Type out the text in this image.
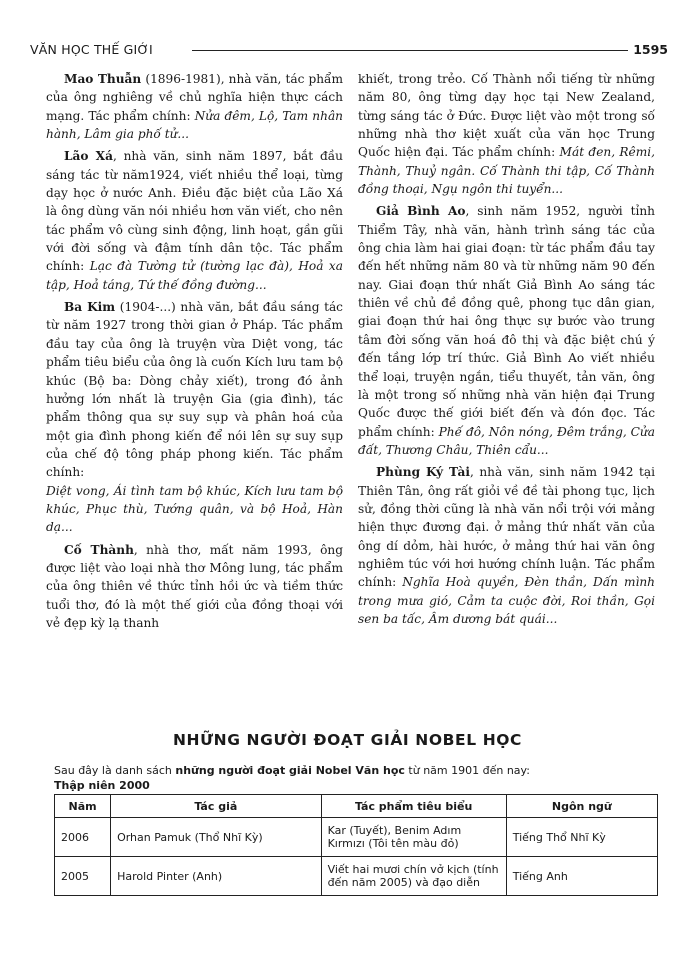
VĂN HỌC THẾ GIỚI	1595

Mao Thuẫn (1896-1981), nhà văn, tác phẩm của ông nghiêng về chủ nghĩa hiện thực cách mạng. Tác phẩm chính: Nửa đêm, Lộ, Tam nhân hành, Lâm gia phố tử...

Lão Xá, nhà văn, sinh năm 1897, bắt đầu sáng tác từ năm1924, viết nhiều thể loại, từng dạy học ở nước Anh. Điều đặc biệt của Lão Xá là ông dùng văn nói nhiều hơn văn viết, cho nên tác phẩm vô cùng sinh động, linh hoạt, gần gũi với đời sống và đậm tính dân tộc. Tác phẩm chính: Lạc đà Tường tử (tường lạc đà), Hoả xa tập, Hoả táng, Tứ thế đồng đường...

Ba Kim (1904-...) nhà văn, bắt đầu sáng tác từ năm 1927 trong thời gian ở Pháp. Tác phẩm đầu tay của ông là truyện vừa Diệt vong, tác phẩm tiêu biểu của ông là cuốn Kích lưu tam bộ khúc (Bộ ba: Dòng chảy xiết), trong đó ảnh hưởng lớn nhất là truyện Gia (gia đình), tác phẩm thông qua sự suy sụp và phân hoá của một gia đình phong kiến để nói lên sự suy sụp của chế độ tông pháp phong kiến. Tác phẩm chính:
Diệt vong, Ái tình tam bộ khúc, Kích lưu tam bộ khúc, Phục thù, Tướng quân, và bộ Hoả, Hàn dạ...

Cố Thành, nhà thơ, mất năm 1993, ông được liệt vào loại nhà thơ Mông lung, tác phẩm của ông thiên về thức tỉnh hồi ức và tiềm thức tuổi thơ, đó là một thế giới của đồng thoại với vẻ đẹp kỳ lạ thanh

khiết, trong trẻo. Cố Thành nổi tiếng từ những năm 80, ông từng dạy học tại New Zealand, từng sáng tác ở Đức. Được liệt vào một trong số những nhà thơ kiệt xuất của văn học Trung Quốc hiện đại. Tác phẩm chính: Mát đen, Rêmi, Thành, Thuỷ ngân. Cố Thành thi tập, Cố Thành đồng thoại, Ngụ ngôn thi tuyển...

Giả Bình Ao, sinh năm 1952, người tỉnh Thiểm Tây, nhà văn, hành trình sáng tác của ông chia làm hai giai đoạn: từ tác phẩm đầu tay đến hết những năm 80 và từ những năm 90 đến nay. Giai đoạn thứ nhất Giả Bình Ao sáng tác thiên về chủ đề đồng quê, phong tục dân gian, giai đoạn thứ hai ông thực sự bước vào trung tâm đời sống văn hoá đô thị và đặc biệt chú ý đến tầng lớp trí thức. Giả Bình Ao viết nhiều thể loại, truyện ngắn, tiểu thuyết, tản văn, ông là một trong số những nhà văn hiện đại Trung Quốc được thế giới biết đến và đón đọc. Tác phẩm chính: Phế đô, Nôn nóng, Đêm trắng, Cửa đất, Thương Châu, Thiên cẩu...

Phùng Ký Tài, nhà văn, sinh năm 1942 tại Thiên Tân, ông rất giỏi về đề tài phong tục, lịch sử, đồng thời cũng là nhà văn nổi trội với mảng hiện thực đương đại. ở mảng thứ nhất văn của ông dí dỏm, hài hước, ở mảng thứ hai văn ông nghiêm túc với hơi hướng chính luận. Tác phẩm chính: Nghĩa Hoà quyền, Đèn thần, Dấn mình trong mưa gió, Cảm ta cuộc đời, Roi thần, Gọi sen ba tấc, Âm dương bát quái...

NHỮNG NGƯỜI ĐOẠT GIẢI NOBEL HỌC
Sau đây là danh sách những người đoạt giải Nobel Văn học từ năm 1901 đến nay:
Thập niên 2000
Năm	Tác giả	Tác phẩm tiêu biểu	Ngôn ngữ
2006	Orhan Pamuk (Thổ Nhĩ Kỳ)	Kar (Tuyết), Benim Adım Kırmızı (Tôi tên màu đỏ)	Tiếng Thổ Nhĩ Kỳ
2005	Harold Pinter (Anh)	Viết hai mươi chín vở kịch (tính đến năm 2005) và đạo diễn	Tiếng Anh
